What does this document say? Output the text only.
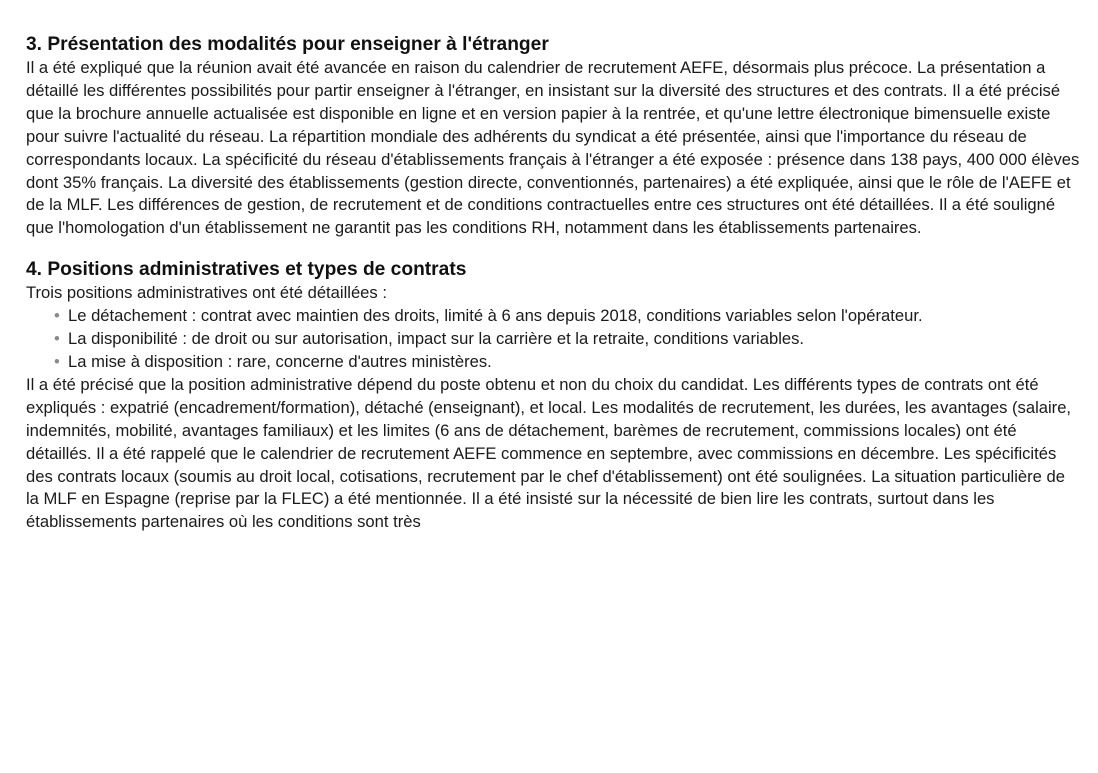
3. Présentation des modalités pour enseigner à l'étranger

Il a été expliqué que la réunion avait été avancée en raison du calendrier de recrutement AEFE, désormais plus précoce. La présentation a détaillé les différentes possibilités pour partir enseigner à l'étranger, en insistant sur la diversité des structures et des contrats. Il a été précisé que la brochure annuelle actualisée est disponible en ligne et en version papier à la rentrée, et qu'une lettre électronique bimensuelle existe pour suivre l'actualité du réseau. La répartition mondiale des adhérents du syndicat a été présentée, ainsi que l'importance du réseau de correspondants locaux. La spécificité du réseau d'établissements français à l'étranger a été exposée : présence dans 138 pays, 400 000 élèves dont 35% français. La diversité des établissements (gestion directe, conventionnés, partenaires) a été expliquée, ainsi que le rôle de l'AEFE et de la MLF. Les différences de gestion, de recrutement et de conditions contractuelles entre ces structures ont été détaillées. Il a été souligné que l'homologation d'un établissement ne garantit pas les conditions RH, notamment dans les établissements partenaires.

4. Positions administratives et types de contrats

Trois positions administratives ont été détaillées :

• Le détachement : contrat avec maintien des droits, limité à 6 ans depuis 2018, conditions variables selon l'opérateur.
• La disponibilité : de droit ou sur autorisation, impact sur la carrière et la retraite, conditions variables.
• La mise à disposition : rare, concerne d'autres ministères.

Il a été précisé que la position administrative dépend du poste obtenu et non du choix du candidat. Les différents types de contrats ont été expliqués : expatrié (encadrement/formation), détaché (enseignant), et local. Les modalités de recrutement, les durées, les avantages (salaire, indemnités, mobilité, avantages familiaux) et les limites (6 ans de détachement, barèmes de recrutement, commissions locales) ont été détaillés. Il a été rappelé que le calendrier de recrutement AEFE commence en septembre, avec commissions en décembre. Les spécificités des contrats locaux (soumis au droit local, cotisations, recrutement par le chef d'établissement) ont été soulignées. La situation particulière de la MLF en Espagne (reprise par la FLEC) a été mentionnée. Il a été insisté sur la nécessité de bien lire les contrats, surtout dans les établissements partenaires où les conditions sont très
